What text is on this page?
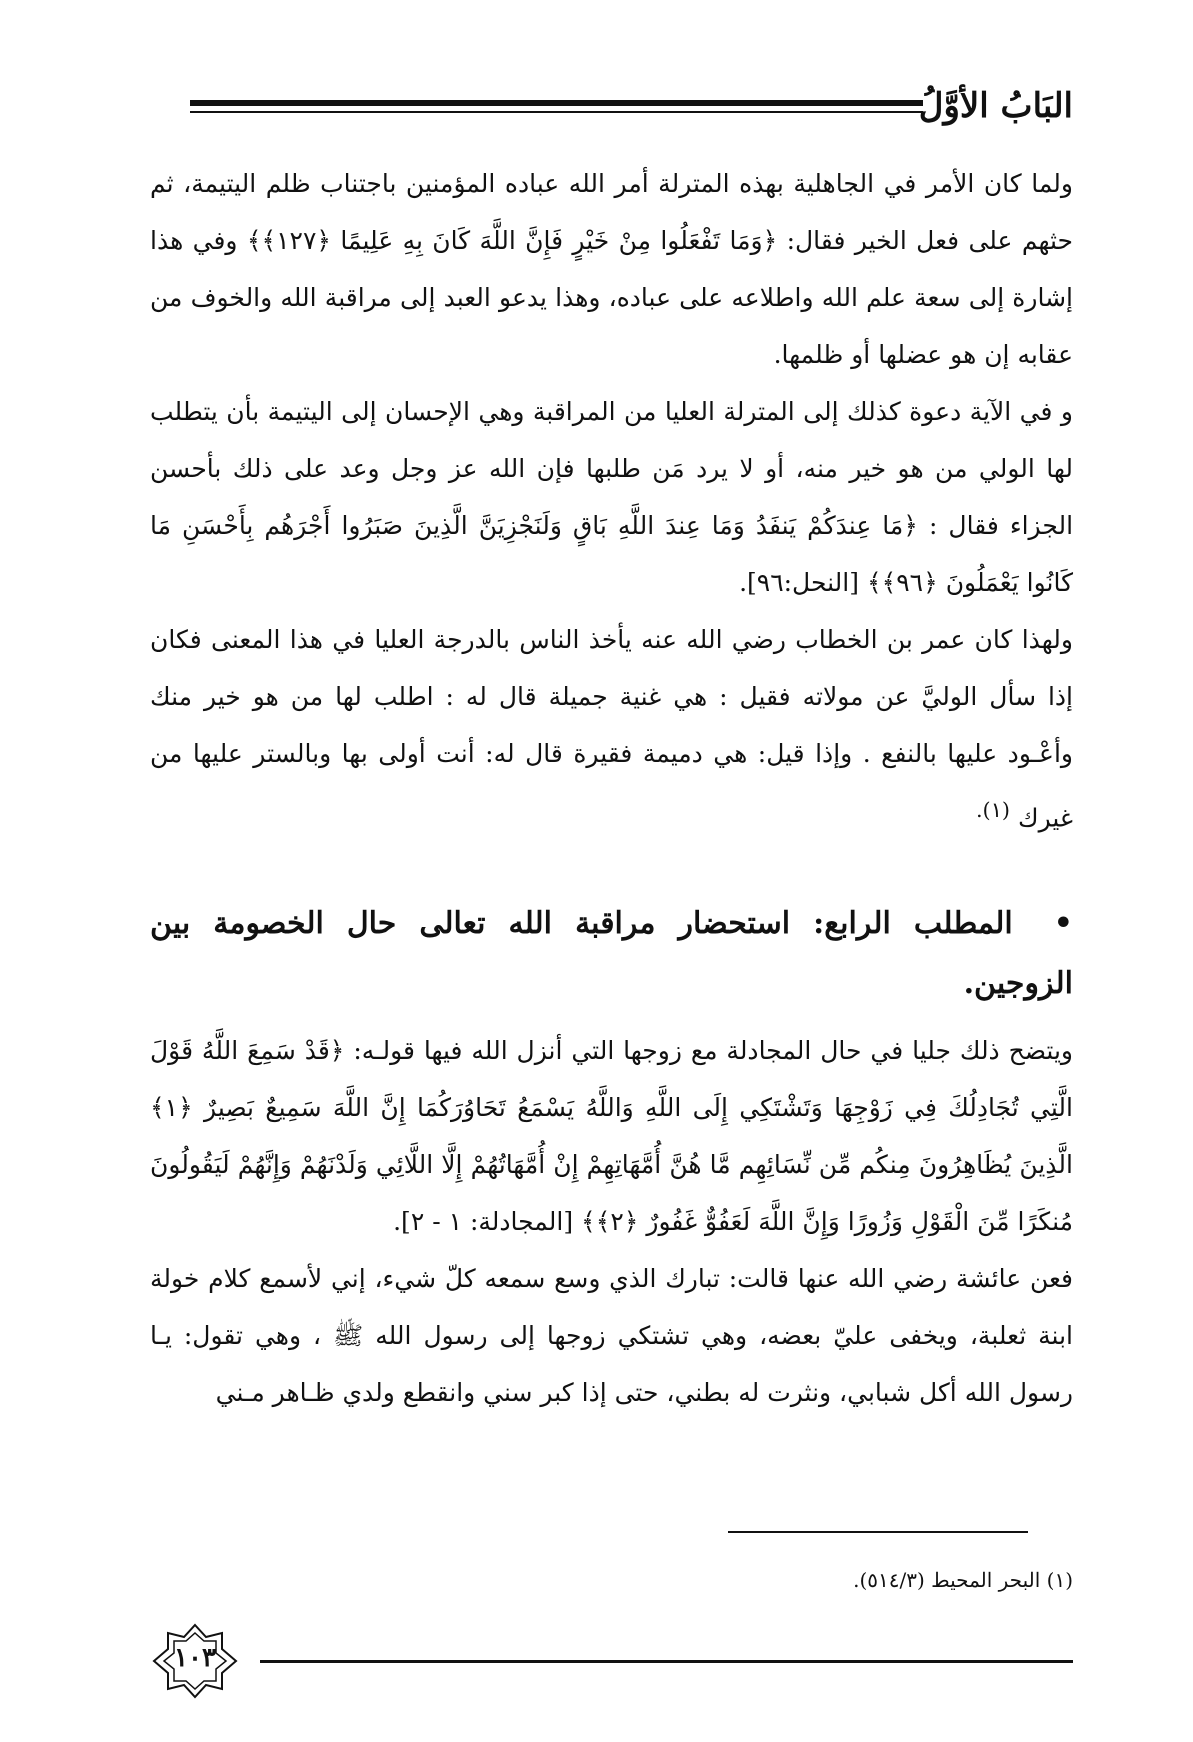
البَابُ الأوَّلُ

ولما كان الأمر في الجاهلية بهذه المترلة أمر الله عباده المؤمنين باجتناب ظلم اليتيمة، ثم حثهم على فعل الخير فقال: ﴿وَمَا تَفْعَلُوا مِنْ خَيْرٍ فَإِنَّ اللَّهَ كَانَ بِهِ عَلِيمًا ﴿١٢٧﴾﴾ وفي هذا إشارة إلى سعة علم الله واطلاعه على عباده، وهذا يدعو العبد إلى مراقبة الله والخوف من عقابه إن هو عضلها أو ظلمها.

و في الآية دعوة كذلك إلى المترلة العليا من المراقبة وهي الإحسان إلى اليتيمة بأن يتطلب لها الولي من هو خير منه، أو لا يرد مَن طلبها فإن الله عز وجل وعد على ذلك بأحسن الجزاء فقال : ﴿مَا عِندَكُمْ يَنفَدُ وَمَا عِندَ اللَّهِ بَاقٍ وَلَنَجْزِيَنَّ الَّذِينَ صَبَرُوا أَجْرَهُم بِأَحْسَنِ مَا كَانُوا يَعْمَلُونَ ﴿٩٦﴾﴾ [النحل:٩٦].

ولهذا كان عمر بن الخطاب رضي الله عنه يأخذ الناس بالدرجة العليا في هذا المعنى فكان إذا سأل الوليَّ عن مولاته فقيل : هي غنية جميلة قال له : اطلب لها من هو خير منك وأعْـود عليها بالنفع . وإذا قيل: هي دميمة فقيرة قال له: أنت أولى بها وبالستر عليها من غيرك $^{(١).}$

• المطلب الرابع: استحضار مراقبة الله تعالى حال الخصومة بين الزوجين.

ويتضح ذلك جليا في حال المجادلة مع زوجها التي أنزل الله فيها قولـه: ﴿قَدْ سَمِعَ اللَّهُ قَوْلَ الَّتِي تُجَادِلُكَ فِي زَوْجِهَا وَتَشْتَكِي إِلَى اللَّهِ وَاللَّهُ يَسْمَعُ تَحَاوُرَكُمَا إِنَّ اللَّهَ سَمِيعٌ بَصِيرٌ ﴿١﴾ الَّذِينَ يُظَاهِرُونَ مِنكُم مِّن نِّسَائِهِم مَّا هُنَّ أُمَّهَاتِهِمْ إِنْ أُمَّهَاتُهُمْ إِلَّا اللَّائِي وَلَدْنَهُمْ وَإِنَّهُمْ لَيَقُولُونَ مُنكَرًا مِّنَ الْقَوْلِ وَزُورًا وَإِنَّ اللَّهَ لَعَفُوٌّ غَفُورٌ ﴿٢﴾﴾ [المجادلة: ١ - ٢].

فعن عائشة رضي الله عنها قالت: تبارك الذي وسع سمعه كلّ شيء، إني لأسمع كلام خولة ابنة ثعلبة، ويخفى عليّ بعضه، وهي تشتكي زوجها إلى رسول الله ﷺ ، وهي تقول: يـا رسول الله أكل شبابي، ونثرت له بطني، حتى إذا كبر سني وانقطع ولدي ظـاهر مـني

(١) البحر المحيط (٥١٤/٣).
١٠٣
